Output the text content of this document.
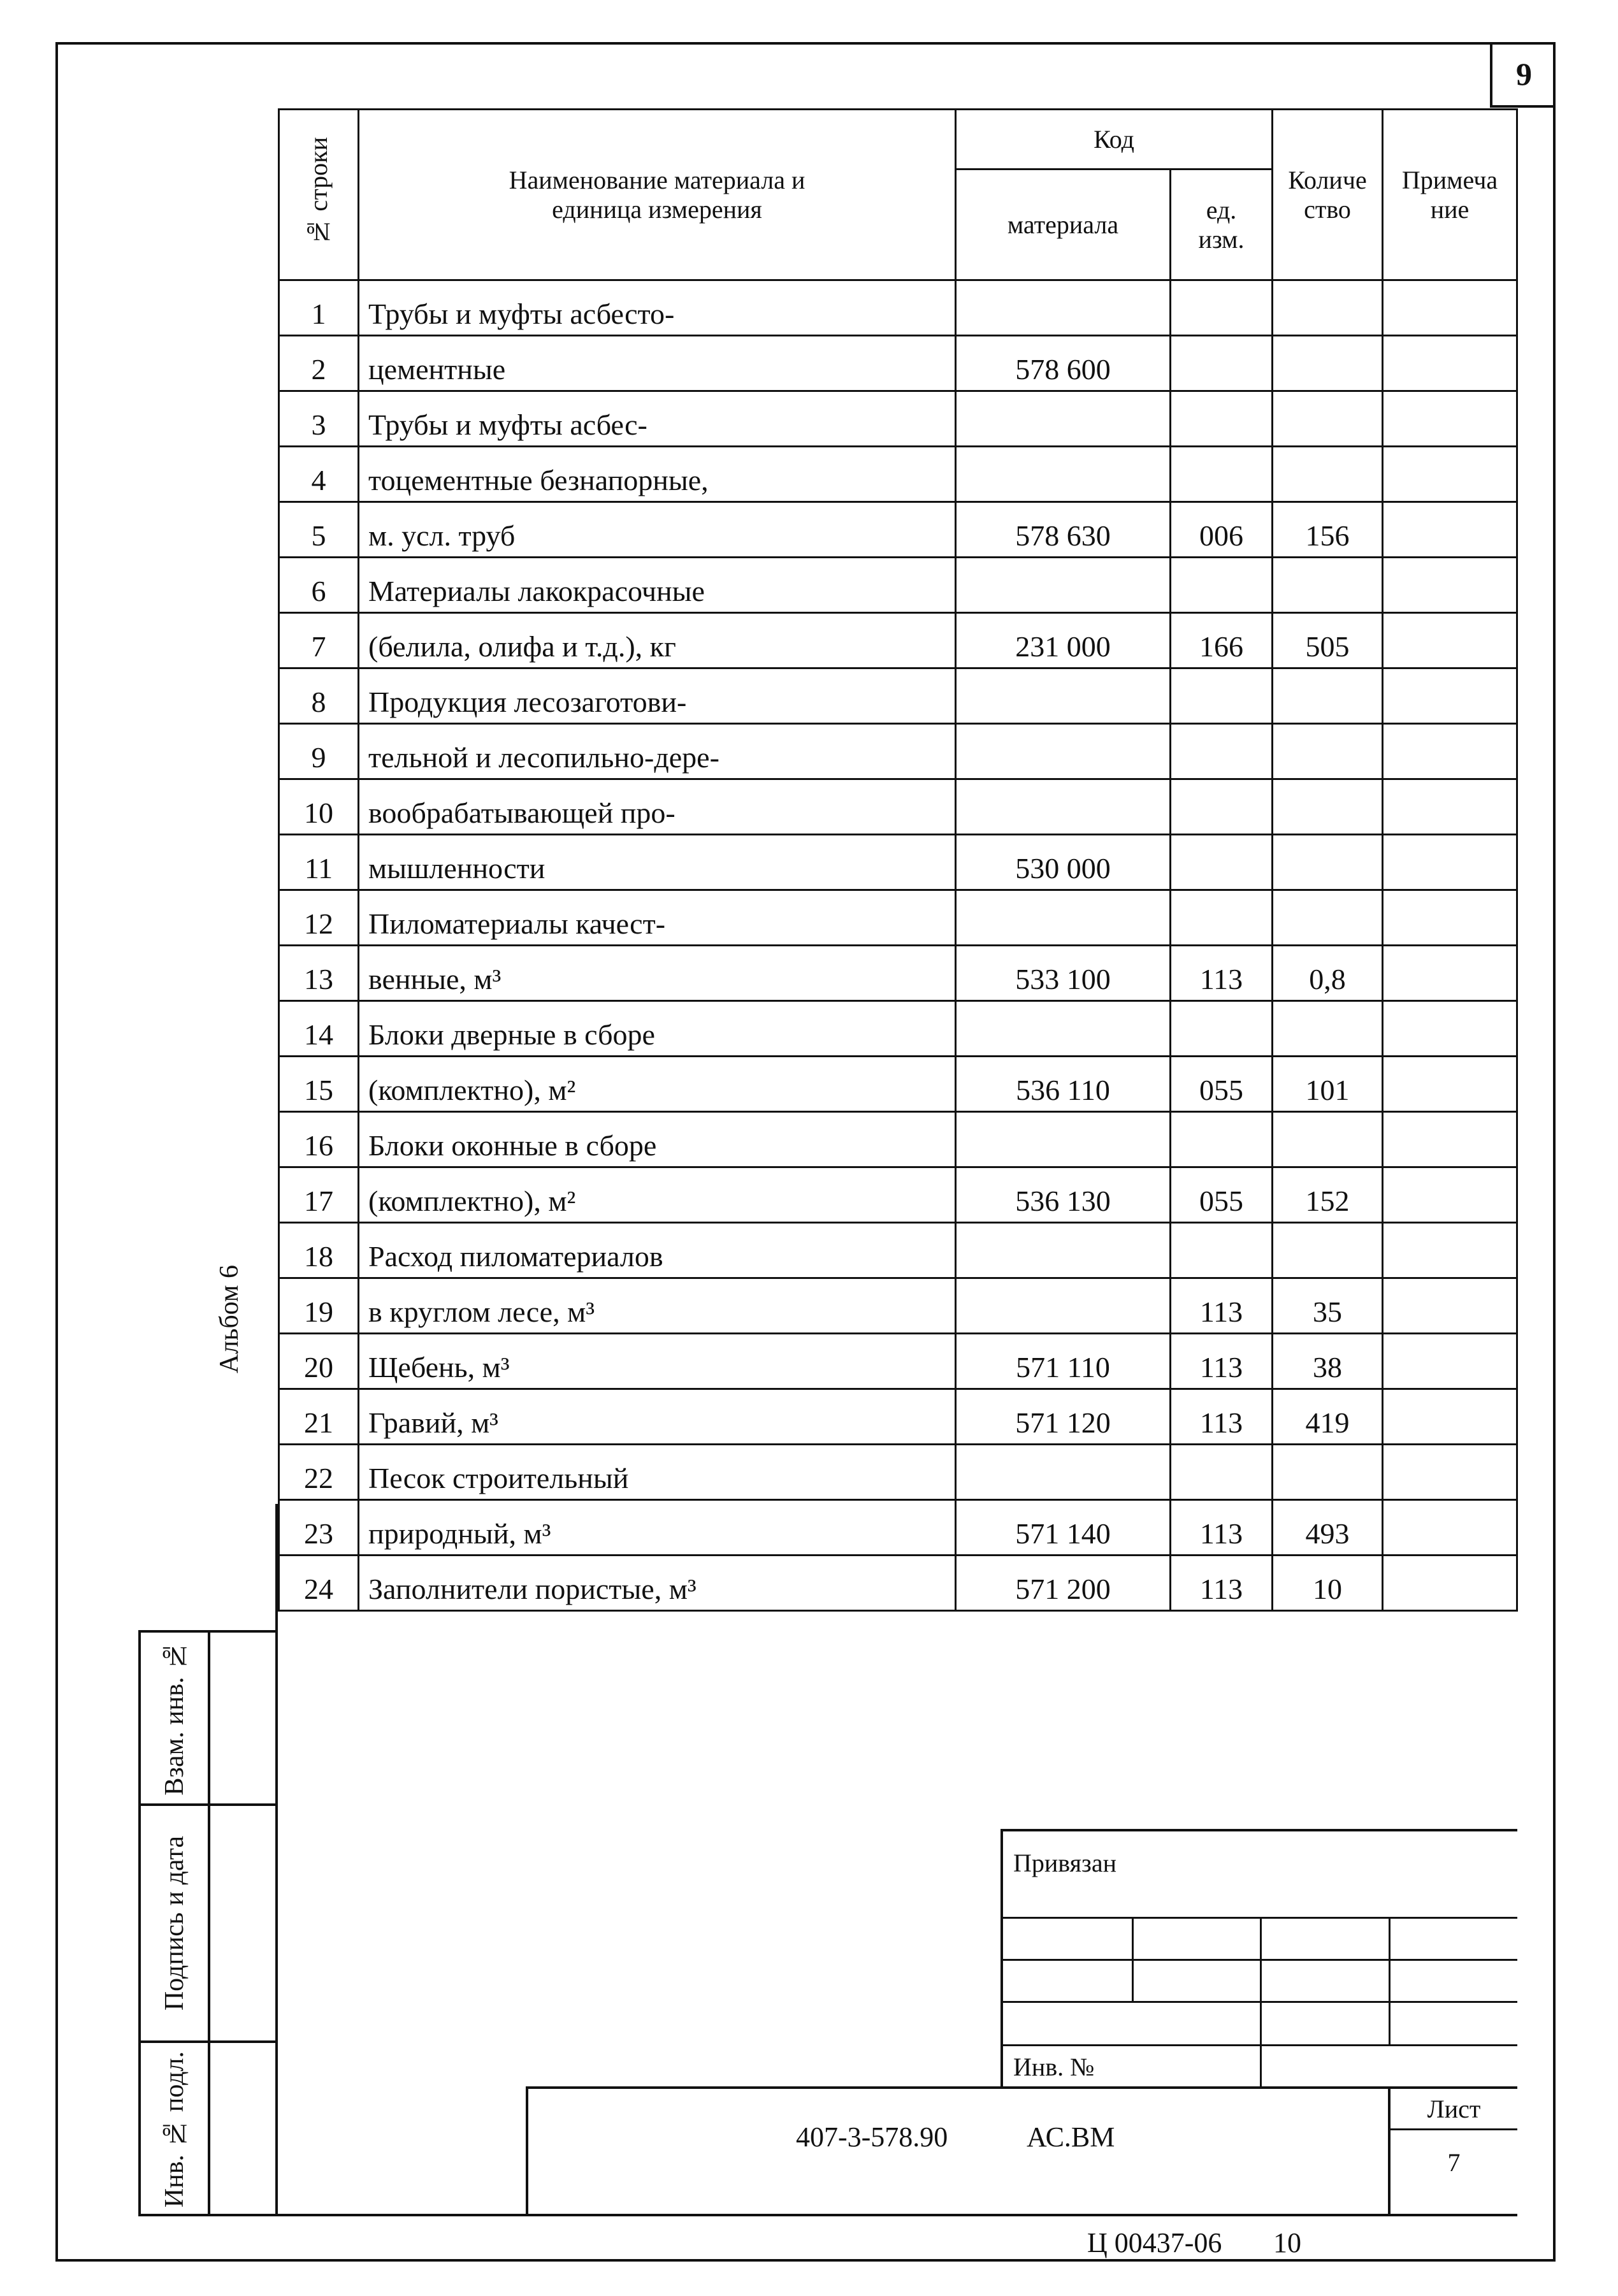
9
№ строки	Наименование материала и единица измерения	Код		Количество	Примечание
		материала	ед. изм.		
1	Трубы и муфты асбесто-				
2	цементные	578 600			
3	Трубы и муфты асбес-				
4	тоцементные безнапорные,				
5	м. усл. труб	578 630	006	156	
6	Материалы лакокрасочные				
7	(белила, олифа и т.д.), кг	231 000	166	505	
8	Продукция лесозаготови-				
9	тельной и лесопильно-дере-				
10	вообрабатывающей про-				
11	мышленности	530 000			
12	Пиломатериалы качест-				
13	венные, м³	533 100	113	0,8	
14	Блоки дверные в сборе				
15	(комплектно), м²	536 110	055	101	
16	Блоки оконные в сборе				
17	(комплектно), м²	536 130	055	152	
18	Расход пиломатериалов				
19	в круглом лесе, м³		113	35	
20	Щебень, м³	571 110	113	38	
21	Гравий, м³	571 120	113	419	
22	Песок строительный				
23	природный, м³	571 140	113	493	
24	Заполнители пористые, м³	571 200	113	10	
Альбом 6
Взам. инв. №
Подпись и дата
Инв. № подл.
Привязан
Инв. №
Лист
7
407-3-578.90	АС.ВМ
Ц 00437-06 10
